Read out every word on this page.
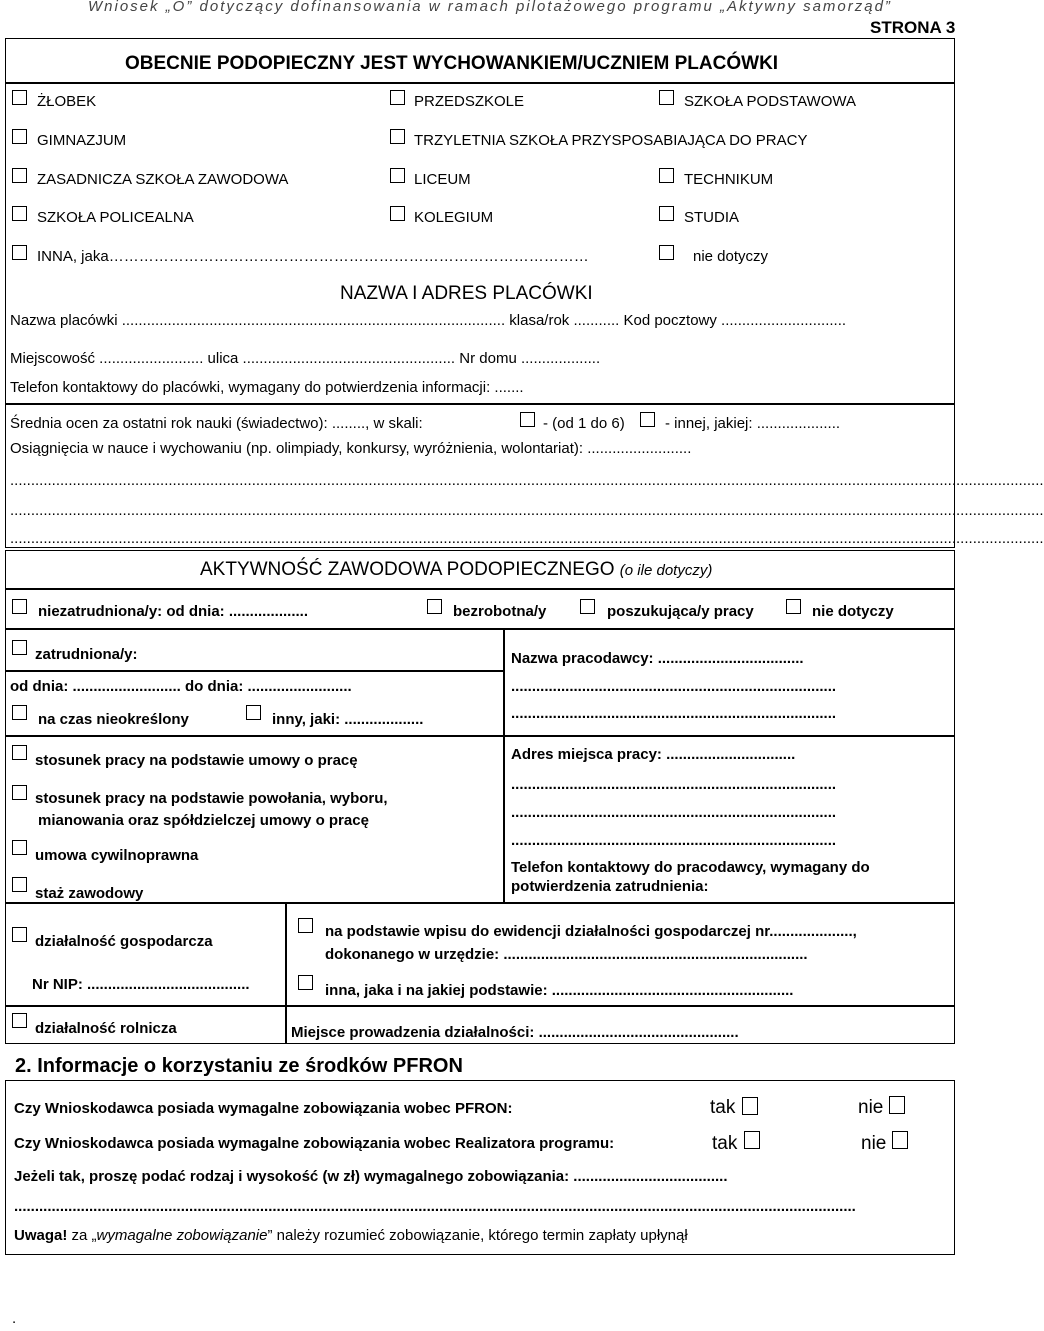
Wniosek „O” dotyczący dofinansowania w ramach pilotażowego programu „Aktywny samorząd”
STRONA 3
OBECNIE PODOPIECZNY JEST WYCHOWANKIEM/UCZNIEM PLACÓWKI
ŻŁOBEK	PRZEDSZKOLE	SZKOŁA PODSTAWOWA
GIMNAZJUM	TRZYLETNIA SZKOŁA PRZYSPOSABIAJĄCA DO PRACY
ZASADNICZA SZKOŁA ZAWODOWA	LICEUM	TECHNIKUM
SZKOŁA POLICEALNA	KOLEGIUM	STUDIA
INNA, jaka……………………………………………………………………………………	nie dotyczy
NAZWA I ADRES PLACÓWKI
Nazwa placówki ............................................................................................ klasa/rok ........... Kod pocztowy ..............................
Miejscowość ......................... ulica ................................................... Nr domu ...................
Telefon kontaktowy do placówki, wymagany do potwierdzenia informacji: .......
Średnia ocen za ostatni rok nauki (świadectwo): ........, w skali:	- (od 1 do 6)	- innej, jakiej: ....................
Osiągnięcia w nauce i wychowaniu (np. olimpiady, konkursy, wyróżnienia, wolontariat): .........................
........................................................................................................................................................................................................................................................
........................................................................................................................................................................................................................................................
........................................................................................................................................................................................................................................................
AKTYWNOŚĆ ZAWODOWA PODOPIECZNEGO (o ile dotyczy)
niezatrudniona/y: od dnia: ...................	bezrobotna/y	poszukująca/y pracy	nie dotyczy
zatrudniona/y:
od dnia: .......................... do dnia: .........................
na czas nieokreślony	inny, jaki: ...................
stosunek pracy na podstawie umowy o pracę
stosunek pracy na podstawie powołania, wyboru,
mianowania oraz spółdzielczej umowy o pracę
umowa cywilnoprawna
staż zawodowy
Nazwa pracodawcy: ...................................
..............................................................................
..............................................................................
Adres miejsca pracy: ...............................
..............................................................................
..............................................................................
..............................................................................
Telefon kontaktowy do pracodawcy, wymagany do
potwierdzenia zatrudnienia:
działalność gospodarcza
Nr NIP: .......................................
działalność rolnicza
na podstawie wpisu do ewidencji działalności gospodarczej nr....................,
dokonanego w urzędzie: .........................................................................
inna, jaka i na jakiej podstawie: ..........................................................
Miejsce prowadzenia działalności: ................................................
2. Informacje o korzystaniu ze środków PFRON
Czy Wnioskodawca posiada wymagalne zobowiązania wobec PFRON:	tak	nie
Czy Wnioskodawca posiada wymagalne zobowiązania wobec Realizatora programu:	tak	nie
Jeżeli tak, proszę podać rodzaj i wysokość (w zł) wymagalnego zobowiązania: .....................................
..........................................................................................................................................................................................................
Uwaga! za „wymagalne zobowiązanie” należy rozumieć zobowiązanie, którego termin zapłaty upłynął
.
